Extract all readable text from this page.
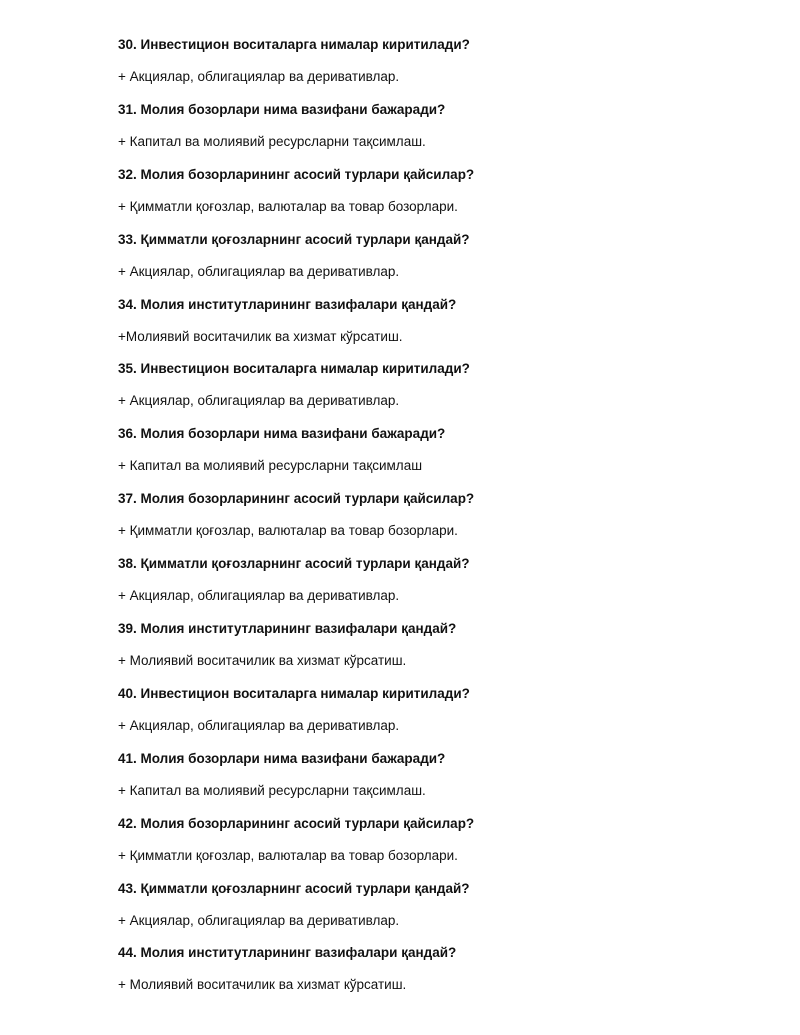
30. Инвестицион воситаларга нималар киритилади?

+ Акциялар, облигациялар ва деривативлар.

31. Молия бозорлари нима вазифани бажаради?

+ Капитал ва молиявий ресурсларни тақсимлаш.

32. Молия бозорларининг асосий турлари қайсилар?

+ Қимматли қоғозлар, валюталар ва товар бозорлари.

33. Қимматли қоғозларнинг асосий турлари қандай?

+ Акциялар, облигациялар ва деривативлар.

34. Молия институтларининг вазифалари қандай?

+Молиявий воситачилик ва хизмат кўрсатиш.

35. Инвестицион воситаларга нималар киритилади?

+ Акциялар, облигациялар ва деривативлар.

36. Молия бозорлари нима вазифани бажаради?

+ Капитал ва молиявий ресурсларни тақсимлаш

37. Молия бозорларининг асосий турлари қайсилар?

+ Қимматли қоғозлар, валюталар ва товар бозорлари.

38. Қимматли қоғозларнинг асосий турлари қандай?

+ Акциялар, облигациялар ва деривативлар.

39. Молия институтларининг вазифалари қандай?

+ Молиявий воситачилик ва хизмат кўрсатиш.

40. Инвестицион воситаларга нималар киритилади?

+ Акциялар, облигациялар ва деривативлар.

41. Молия бозорлари нима вазифани бажаради?

+ Капитал ва молиявий ресурсларни тақсимлаш.

42. Молия бозорларининг асосий турлари қайсилар?

+ Қимматли қоғозлар, валюталар ва товар бозорлари.

43. Қимматли қоғозларнинг асосий турлари қандай?

+ Акциялар, облигациялар ва деривативлар.

44. Молия институтларининг вазифалари қандай?

+ Молиявий воситачилик ва хизмат кўрсатиш.
